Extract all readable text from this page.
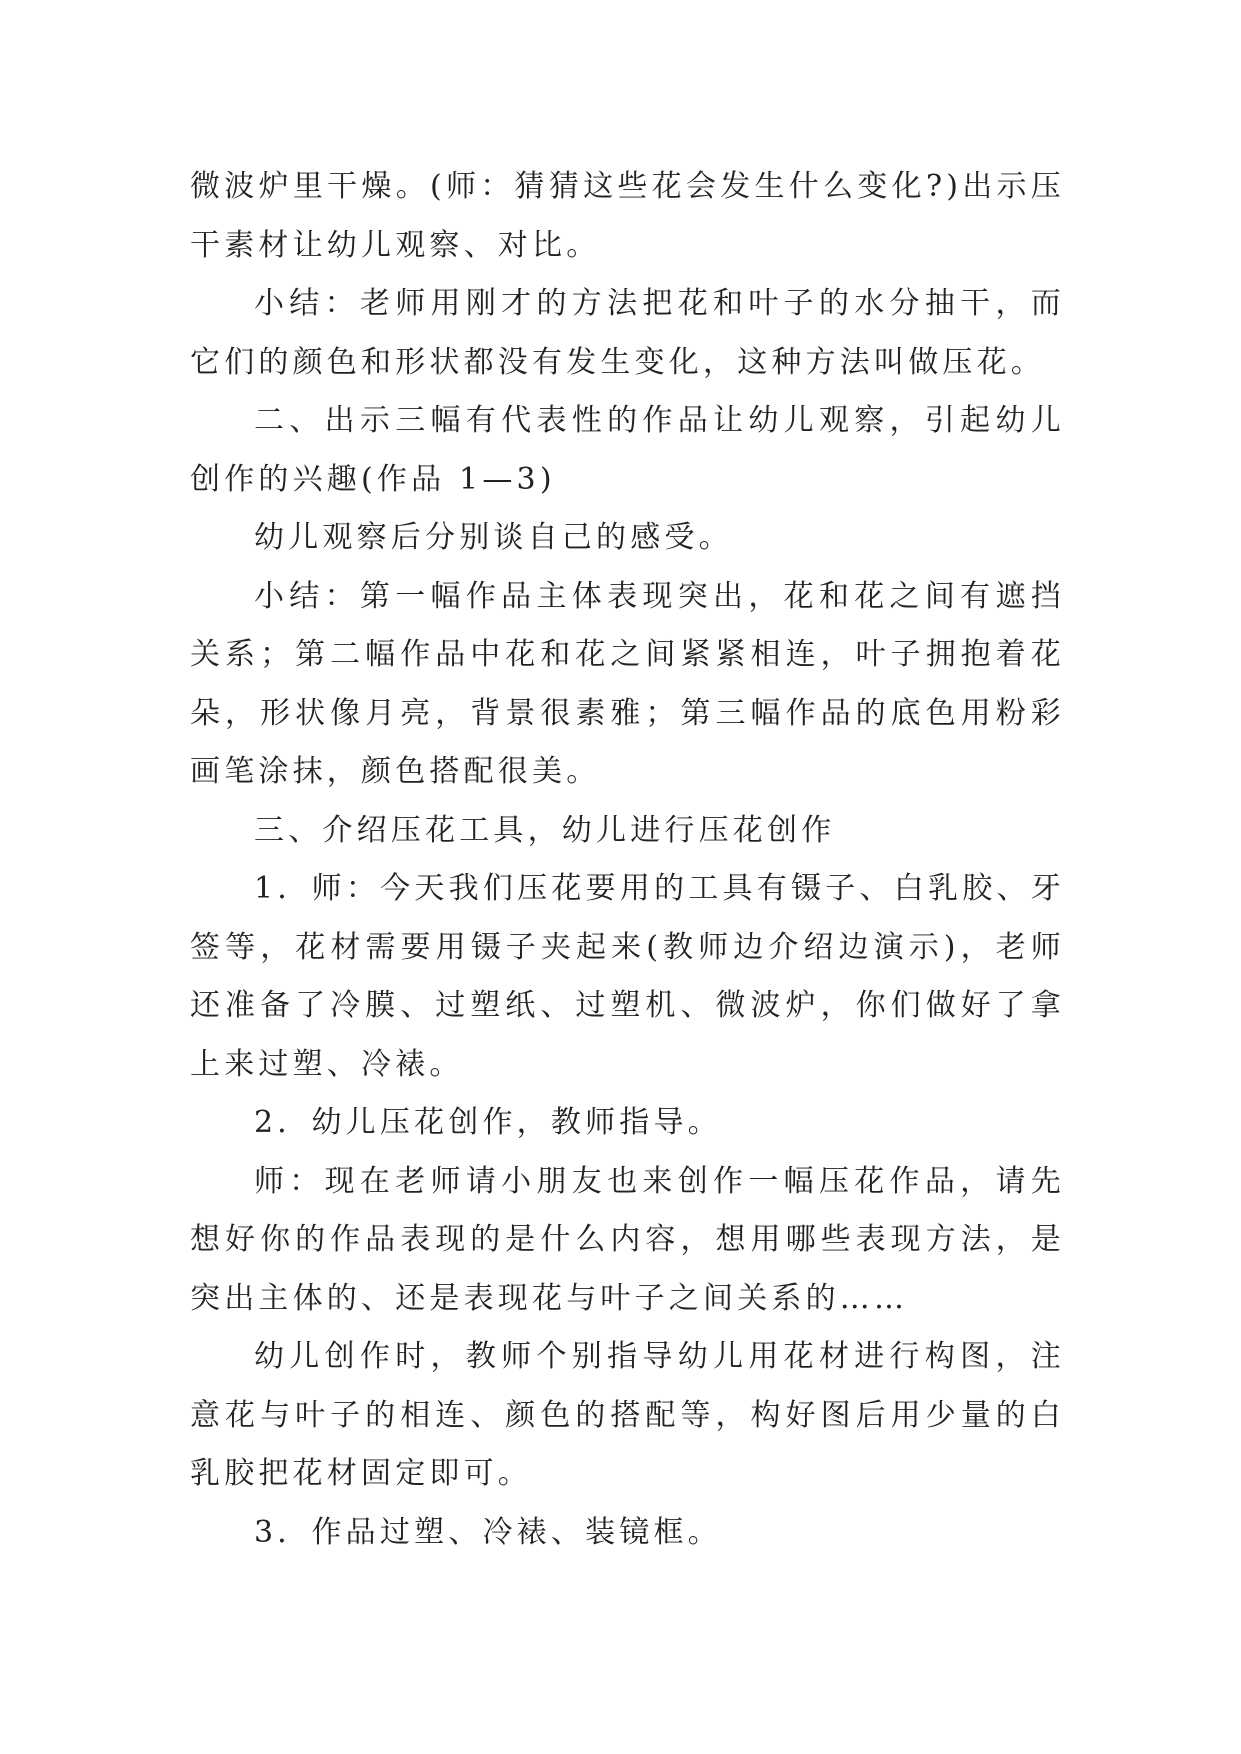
微波炉里干燥。(师：猜猜这些花会发生什么变化?)出示压干素材让幼儿观察、对比。

小结：老师用刚才的方法把花和叶子的水分抽干，而它们的颜色和形状都没有发生变化，这种方法叫做压花。

二、出示三幅有代表性的作品让幼儿观察，引起幼儿创作的兴趣(作品 1—3)

幼儿观察后分别谈自己的感受。

小结：第一幅作品主体表现突出，花和花之间有遮挡关系；第二幅作品中花和花之间紧紧相连，叶子拥抱着花朵，形状像月亮，背景很素雅；第三幅作品的底色用粉彩画笔涂抹，颜色搭配很美。

三、介绍压花工具，幼儿进行压花创作

1．师：今天我们压花要用的工具有镊子、白乳胶、牙签等，花材需要用镊子夹起来(教师边介绍边演示)，老师还准备了冷膜、过塑纸、过塑机、微波炉，你们做好了拿上来过塑、冷裱。

2．幼儿压花创作，教师指导。

师：现在老师请小朋友也来创作一幅压花作品，请先想好你的作品表现的是什么内容，想用哪些表现方法，是突出主体的、还是表现花与叶子之间关系的……

幼儿创作时，教师个别指导幼儿用花材进行构图，注意花与叶子的相连、颜色的搭配等，构好图后用少量的白乳胶把花材固定即可。

3．作品过塑、冷裱、装镜框。
